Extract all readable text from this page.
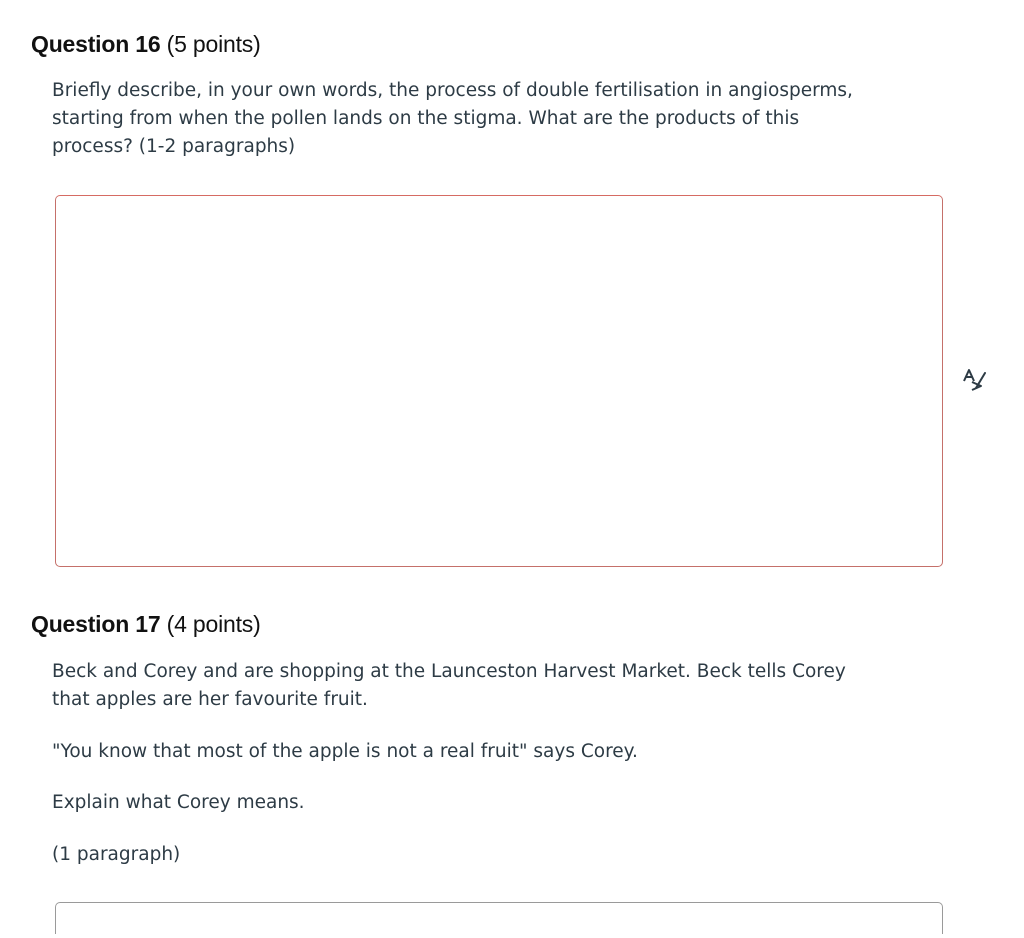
Question 16 (5 points)
Briefly describe, in your own words, the process of double fertilisation in angiosperms,
starting from when the pollen lands on the stigma. What are the products of this
process? (1-2 paragraphs)
Question 17 (4 points)
Beck and Corey and are shopping at the Launceston Harvest Market. Beck tells Corey
that apples are her favourite fruit.
"You know that most of the apple is not a real fruit" says Corey.
Explain what Corey means.
(1 paragraph)
